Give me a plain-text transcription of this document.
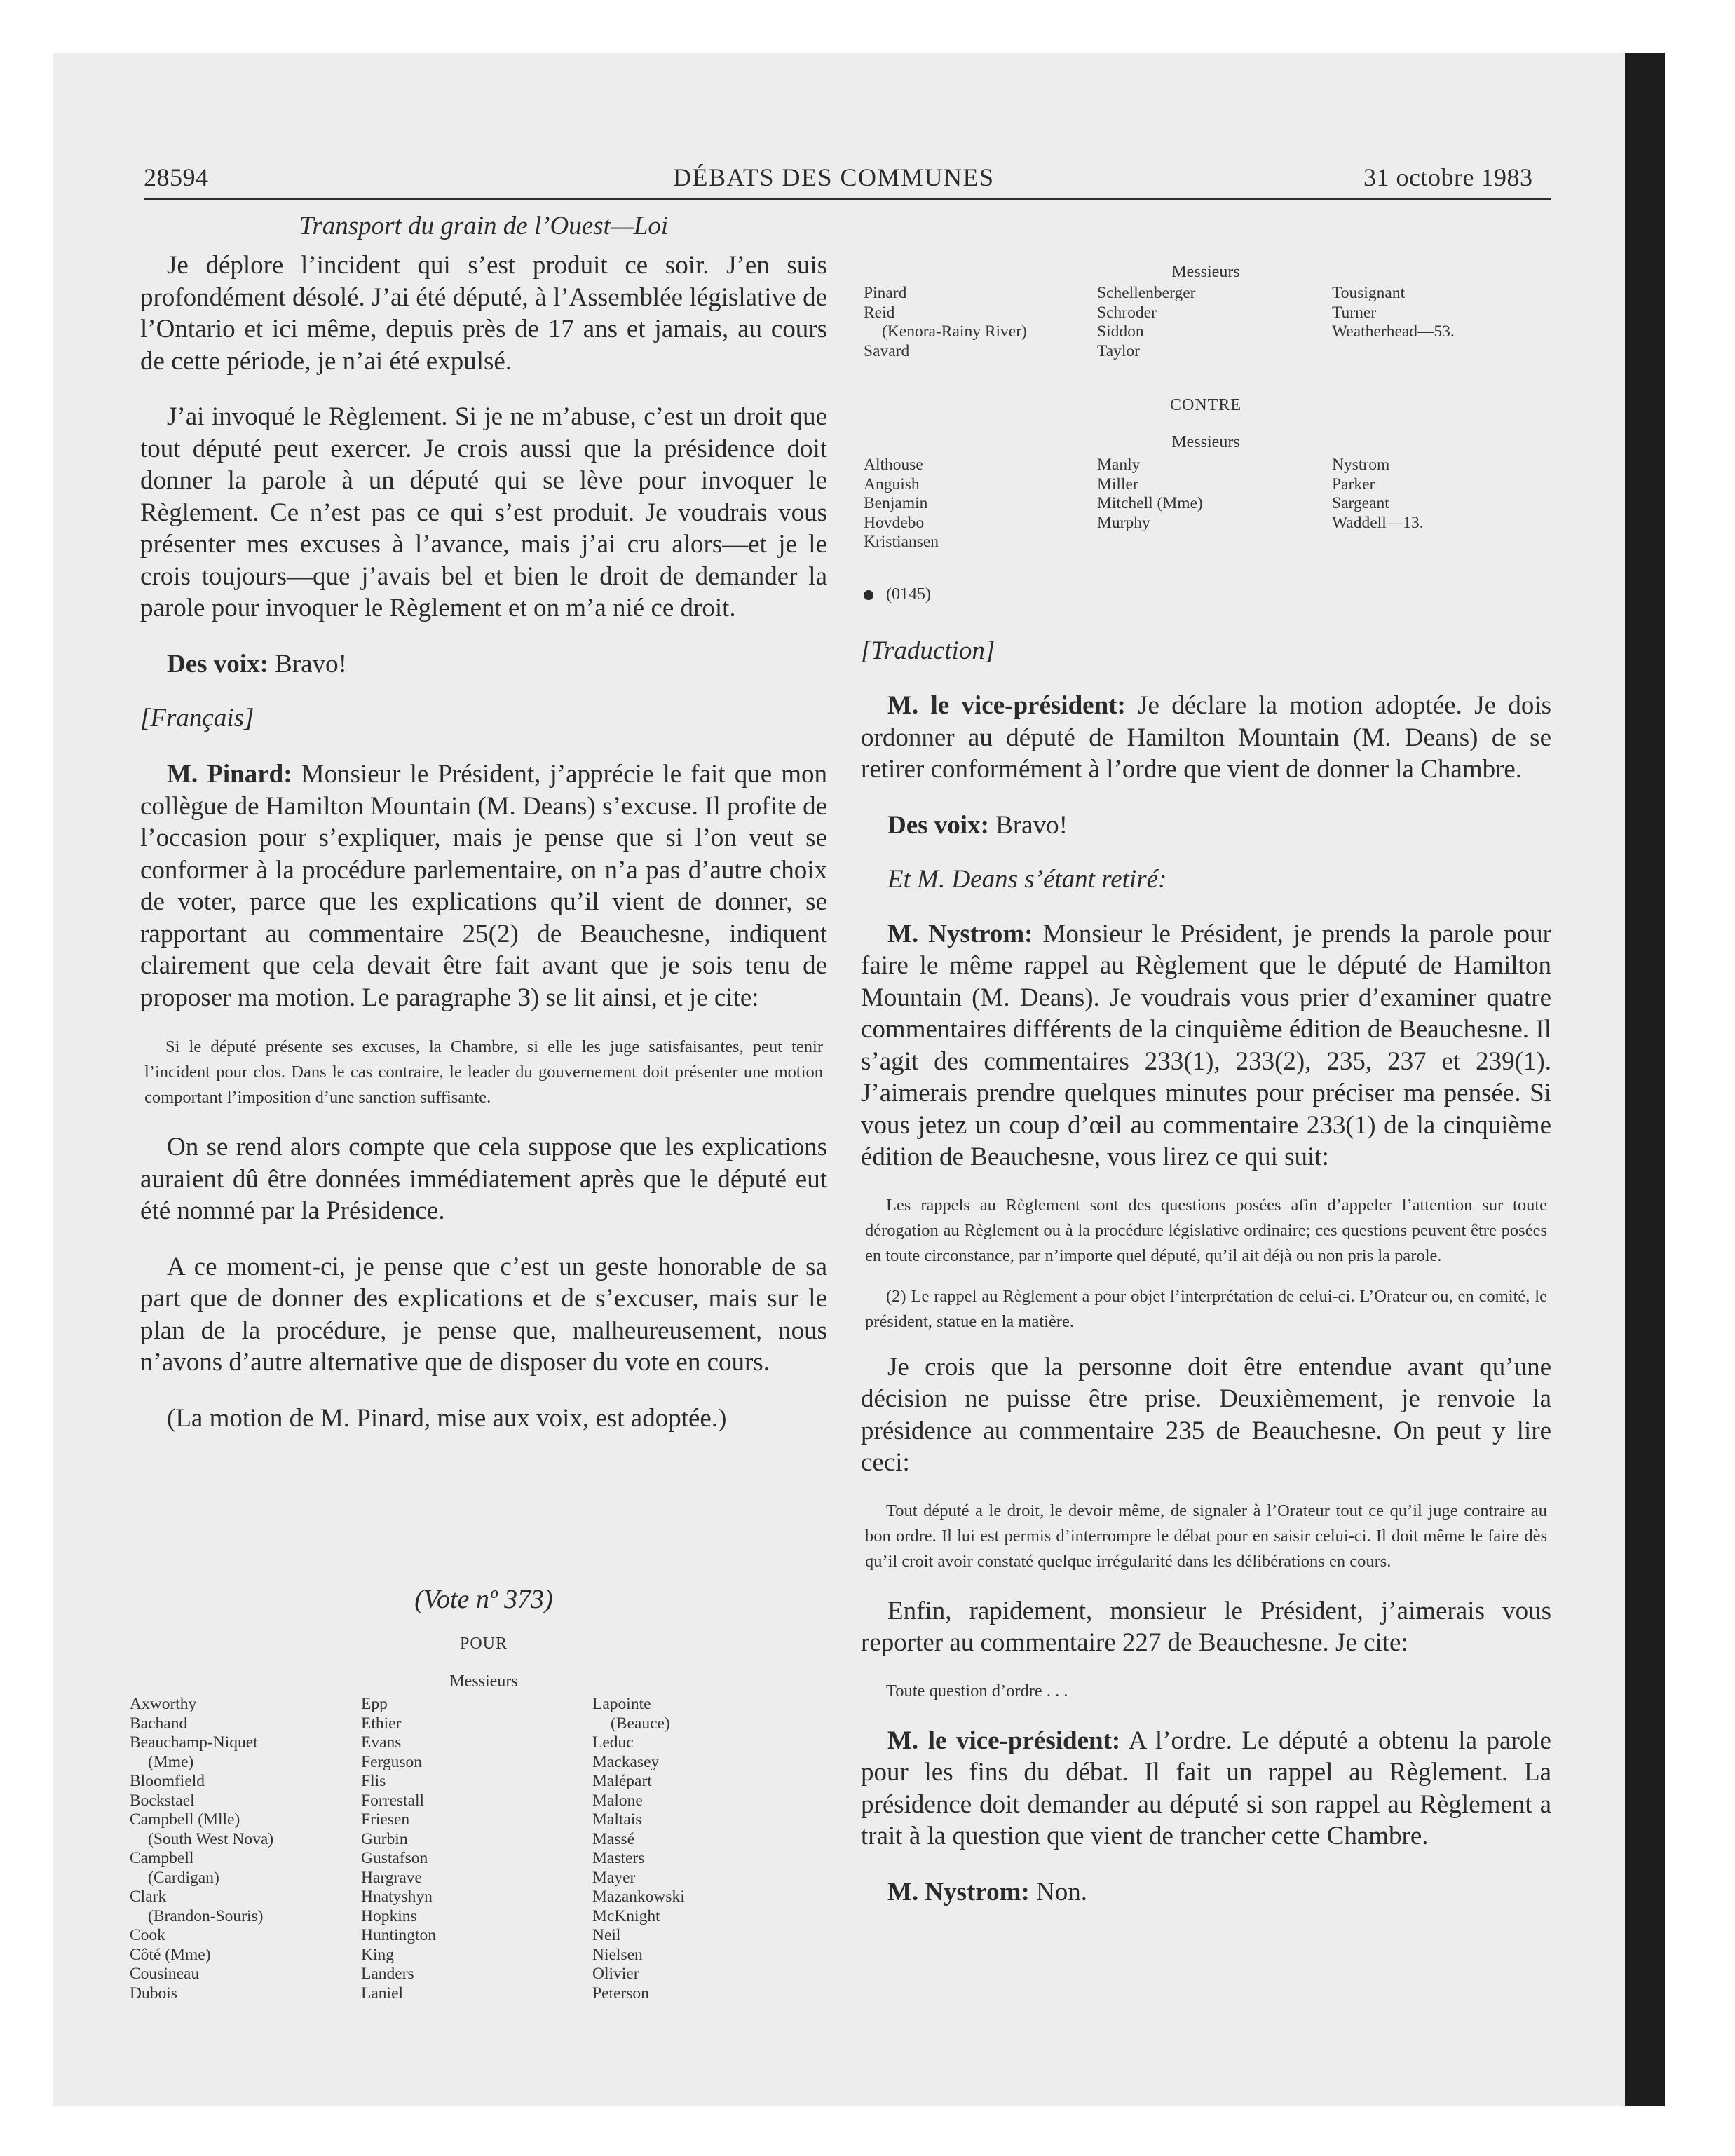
28594	DÉBATS DES COMMUNES	31 octobre 1983
Transport du grain de l’Ouest—Loi

Je déplore l’incident qui s’est produit ce soir. J’en suis profondément désolé. J’ai été député, à l’Assemblée législative de l’Ontario et ici même, depuis près de 17 ans et jamais, au cours de cette période, je n’ai été expulsé.

J’ai invoqué le Règlement. Si je ne m’abuse, c’est un droit que tout député peut exercer. Je crois aussi que la présidence doit donner la parole à un député qui se lève pour invoquer le Règlement. Ce n’est pas ce qui s’est produit. Je voudrais vous présenter mes excuses à l’avance, mais j’ai cru alors—et je le crois toujours—que j’avais bel et bien le droit de demander la parole pour invoquer le Règlement et on m’a nié ce droit.

Des voix: Bravo!

[Français]

M. Pinard: Monsieur le Président, j’apprécie le fait que mon collègue de Hamilton Mountain (M. Deans) s’excuse. Il profite de l’occasion pour s’expliquer, mais je pense que si l’on veut se conformer à la procédure parlementaire, on n’a pas d’autre choix de voter, parce que les explications qu’il vient de donner, se rapportant au commentaire 25(2) de Beauchesne, indiquent clairement que cela devait être fait avant que je sois tenu de proposer ma motion. Le paragraphe 3) se lit ainsi, et je cite:

Si le député présente ses excuses, la Chambre, si elle les juge satisfaisantes, peut tenir l’incident pour clos. Dans le cas contraire, le leader du gouvernement doit présenter une motion comportant l’imposition d’une sanction suffisante.

On se rend alors compte que cela suppose que les explications auraient dû être données immédiatement après que le député eut été nommé par la Présidence.

A ce moment-ci, je pense que c’est un geste honorable de sa part que de donner des explications et de s’excuser, mais sur le plan de la procédure, je pense que, malheureusement, nous n’avons d’autre alternative que de disposer du vote en cours.

(La motion de M. Pinard, mise aux voix, est adoptée.)

(Vote nº 373)
POUR
Messieurs
Axworthy
Bachand
Beauchamp-Niquet
(Mme)
Bloomfield
Bockstael
Campbell (Mlle)
(South West Nova)
Campbell
(Cardigan)
Clark
(Brandon-Souris)
Cook
Côté (Mme)
Cousineau
Dubois
Epp
Ethier
Evans
Ferguson
Flis
Forrestall
Friesen
Gurbin
Gustafson
Hargrave
Hnatyshyn
Hopkins
Huntington
King
Landers
Laniel
Lapointe
(Beauce)
Leduc
Mackasey
Malépart
Malone
Maltais
Massé
Masters
Mayer
Mazankowski
McKnight
Neil
Nielsen
Olivier
Peterson
Messieurs
Pinard
Reid
(Kenora-Rainy River)
Savard
Schellenberger
Schroder
Siddon
Taylor
Tousignant
Turner
Weatherhead—53.
CONTRE
Messieurs
Althouse
Anguish
Benjamin
Hovdebo
Kristiansen
Manly
Miller
Mitchell (Mme)
Murphy
Nystrom
Parker
Sargeant
Waddell—13.
(0145)
[Traduction]

M. le vice-président: Je déclare la motion adoptée. Je dois ordonner au député de Hamilton Mountain (M. Deans) de se retirer conformément à l’ordre que vient de donner la Chambre.

Des voix: Bravo!

Et M. Deans s’étant retiré:

M. Nystrom: Monsieur le Président, je prends la parole pour faire le même rappel au Règlement que le député de Hamilton Mountain (M. Deans). Je voudrais vous prier d’examiner quatre commentaires différents de la cinquième édition de Beauchesne. Il s’agit des commentaires 233(1), 233(2), 235, 237 et 239(1). J’aimerais prendre quelques minutes pour préciser ma pensée. Si vous jetez un coup d’œil au commentaire 233(1) de la cinquième édition de Beauchesne, vous lirez ce qui suit:

Les rappels au Règlement sont des questions posées afin d’appeler l’attention sur toute dérogation au Règlement ou à la procédure législative ordinaire; ces questions peuvent être posées en toute circonstance, par n’importe quel député, qu’il ait déjà ou non pris la parole.

(2) Le rappel au Règlement a pour objet l’interprétation de celui-ci. L’Orateur ou, en comité, le président, statue en la matière.

Je crois que la personne doit être entendue avant qu’une décision ne puisse être prise. Deuxièmement, je renvoie la présidence au commentaire 235 de Beauchesne. On peut y lire ceci:

Tout député a le droit, le devoir même, de signaler à l’Orateur tout ce qu’il juge contraire au bon ordre. Il lui est permis d’interrompre le débat pour en saisir celui-ci. Il doit même le faire dès qu’il croit avoir constaté quelque irrégularité dans les délibérations en cours.

Enfin, rapidement, monsieur le Président, j’aimerais vous reporter au commentaire 227 de Beauchesne. Je cite:

Toute question d’ordre . . .

M. le vice-président: A l’ordre. Le député a obtenu la parole pour les fins du débat. Il fait un rappel au Règlement. La présidence doit demander au député si son rappel au Règlement a trait à la question que vient de trancher cette Chambre.

M. Nystrom: Non.
